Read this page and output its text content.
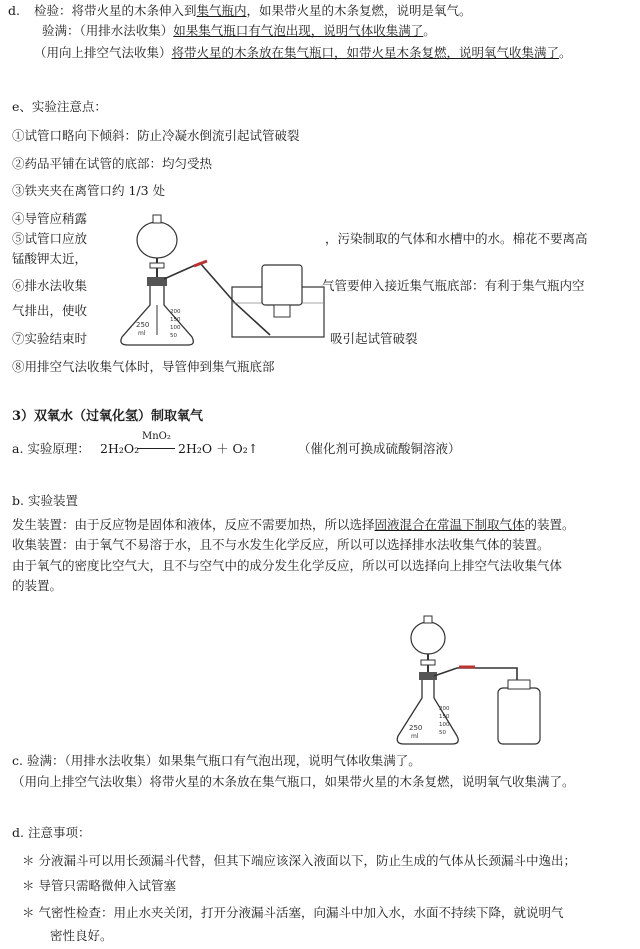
d. 检验：将带火星的木条伸入到集气瓶内，如果带火星的木条复燃，说明是氧气。
验满：（用排水法收集）如果集气瓶口有气泡出现，说明气体收集满了。
（用向上排空气法收集）将带火星的木条放在集气瓶口，如带火星木条复燃，说明氧气收集满了。
e、实验注意点：
①试管口略向下倾斜：防止冷凝水倒流引起试管破裂
②药品平铺在试管的底部：均匀受热
③铁夹夹在离管口约 1/3 处
④导管应稍露
⑤试管口应放	，污染制取的气体和水槽中的水。棉花不要离高
锰酸钾太近，
⑥排水法收集	气管要伸入接近集气瓶底部：有利于集气瓶内空
气排出，使收
⑦实验结束时	吸引起试管破裂
⑧用排空气法收集气体时，导管伸到集气瓶底部
250
ml
200
150
100
50
3）双氧水（过氧化氢）制取氧气
a. 实验原理： 2H₂O₂
MnO₂
2H₂O ＋ O₂↑	（催化剂可换成硫酸铜溶液）
b. 实验装置
发生装置：由于反应物是固体和液体，反应不需要加热，所以选择固液混合在常温下制取气体的装置。
收集装置：由于氧气不易溶于水，且不与水发生化学反应，所以可以选择排水法收集气体的装置。
由于氧气的密度比空气大，且不与空气中的成分发生化学反应，所以可以选择向上排空气法收集气体
的装置。
250
ml
200
150
100
50
c. 验满：（用排水法收集）如果集气瓶口有气泡出现，说明气体收集满了。
（用向上排空气法收集）将带火星的木条放在集气瓶口，如果带火星的木条复燃，说明氧气收集满了。
d. 注意事项：
＊ 分液漏斗可以用长颈漏斗代替，但其下端应该深入液面以下，防止生成的气体从长颈漏斗中逸出；
＊ 导管只需略微伸入试管塞
＊ 气密性检查：用止水夹关闭，打开分液漏斗活塞，向漏斗中加入水，水面不持续下降，就说明气
密性良好。
